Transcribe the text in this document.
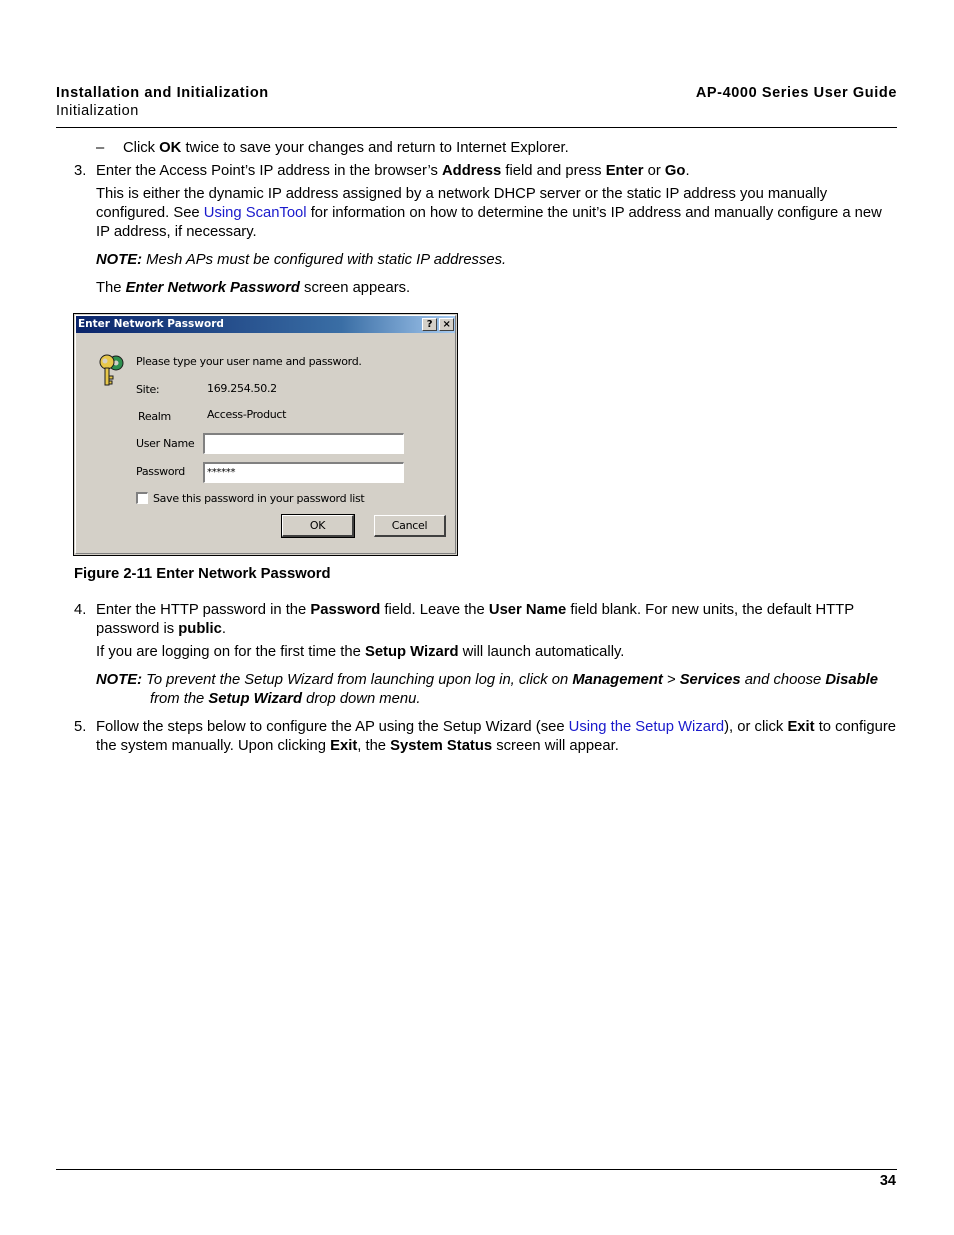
Installation and Initialization
Initialization
AP-4000 Series User Guide
– Click OK twice to save your changes and return to Internet Explorer.
3. Enter the Access Point’s IP address in the browser’s Address field and press Enter or Go.
This is either the dynamic IP address assigned by a network DHCP server or the static IP address you manually configured. See Using ScanTool for information on how to determine the unit’s IP address and manually configure a new IP address, if necessary.
NOTE: Mesh APs must be configured with static IP addresses.
The Enter Network Password screen appears.
Enter Network Password	?	×
Please type your user name and password.
Site:	169.254.50.2
Realm	Access-Product
User Name
Password	******
Save this password in your password list
OK	Cancel
Figure 2-11 Enter Network Password
4. Enter the HTTP password in the Password field. Leave the User Name field blank. For new units, the default HTTP password is public.
If you are logging on for the first time the Setup Wizard will launch automatically.
NOTE: To prevent the Setup Wizard from launching upon log in, click on Management > Services and choose Disable from the Setup Wizard drop down menu.
5. Follow the steps below to configure the AP using the Setup Wizard (see Using the Setup Wizard), or click Exit to configure the system manually. Upon clicking Exit, the System Status screen will appear.
34
